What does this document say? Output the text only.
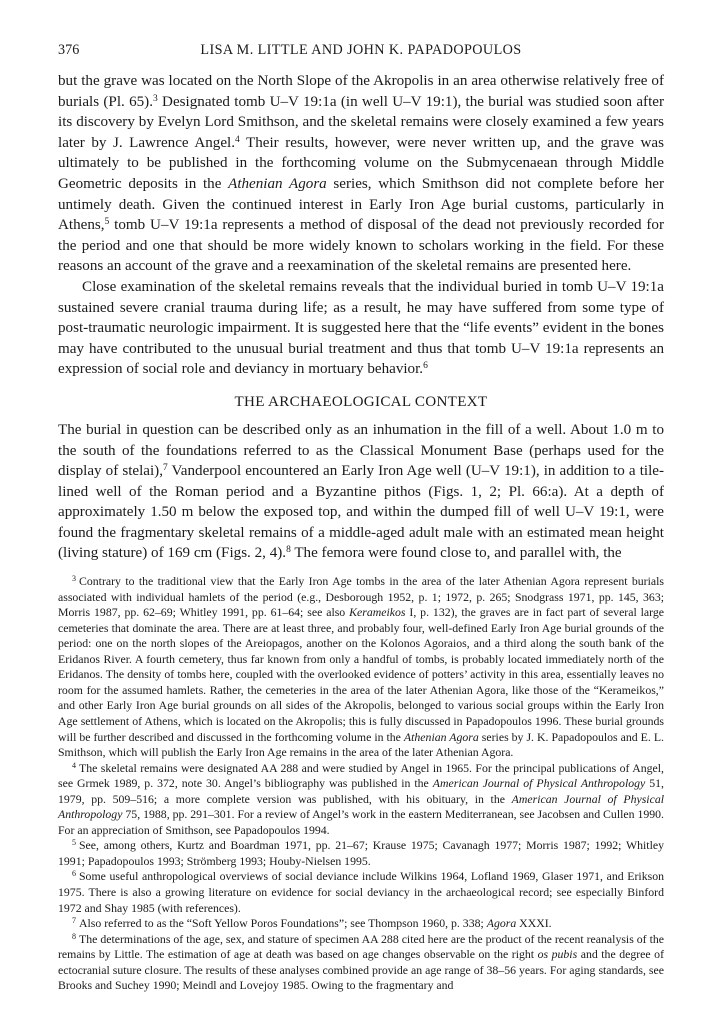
376	LISA M. LITTLE AND JOHN K. PAPADOPOULOS

but the grave was located on the North Slope of the Akropolis in an area otherwise relatively free of burials (Pl. 65).$^3$ Designated tomb U–V 19:1a (in well U–V 19:1), the burial was studied soon after its discovery by Evelyn Lord Smithson, and the skeletal remains were closely examined a few years later by J. Lawrence Angel.$^4$ Their results, however, were never written up, and the grave was ultimately to be published in the forthcoming volume on the Submycenaean through Middle Geometric deposits in the Athenian Agora series, which Smithson did not complete before her untimely death. Given the continued interest in Early Iron Age burial customs, particularly in Athens,$^5$ tomb U–V 19:1a represents a method of disposal of the dead not previously recorded for the period and one that should be more widely known to scholars working in the field. For these reasons an account of the grave and a reexamination of the skeletal remains are presented here.

Close examination of the skeletal remains reveals that the individual buried in tomb U–V 19:1a sustained severe cranial trauma during life; as a result, he may have suffered from some type of post-traumatic neurologic impairment. It is suggested here that the “life events” evident in the bones may have contributed to the unusual burial treatment and thus that tomb U–V 19:1a represents an expression of social role and deviancy in mortuary behavior.$^6$

THE ARCHAEOLOGICAL CONTEXT

The burial in question can be described only as an inhumation in the fill of a well. About 1.0 m to the south of the foundations referred to as the Classical Monument Base (perhaps used for the display of stelai),$^7$ Vanderpool encountered an Early Iron Age well (U–V 19:1), in addition to a tile-lined well of the Roman period and a Byzantine pithos (Figs. 1, 2; Pl. 66:a). At a depth of approximately 1.50 m below the exposed top, and within the dumped fill of well U–V 19:1, were found the fragmentary skeletal remains of a middle-aged adult male with an estimated mean height (living stature) of 169 cm (Figs. 2, 4).$^8$ The femora were found close to, and parallel with, the

$^3$ Contrary to the traditional view that the Early Iron Age tombs in the area of the later Athenian Agora represent burials associated with individual hamlets of the period (e.g., Desborough 1952, p. 1; 1972, p. 265; Snodgrass 1971, pp. 145, 363; Morris 1987, pp. 62–69; Whitley 1991, pp. 61–64; see also Kerameikos I, p. 132), the graves are in fact part of several large cemeteries that dominate the area. There are at least three, and probably four, well-defined Early Iron Age burial grounds of the period: one on the north slopes of the Areiopagos, another on the Kolonos Agoraios, and a third along the south bank of the Eridanos River. A fourth cemetery, thus far known from only a handful of tombs, is probably located immediately north of the Eridanos. The density of tombs here, coupled with the overlooked evidence of potters’ activity in this area, essentially leaves no room for the assumed hamlets. Rather, the cemeteries in the area of the later Athenian Agora, like those of the “Kerameikos,” and other Early Iron Age burial grounds on all sides of the Akropolis, belonged to various social groups within the Early Iron Age settlement of Athens, which is located on the Akropolis; this is fully discussed in Papadopoulos 1996. These burial grounds will be further described and discussed in the forthcoming volume in the Athenian Agora series by J. K. Papadopoulos and E. L. Smithson, which will publish the Early Iron Age remains in the area of the later Athenian Agora.

$^4$ The skeletal remains were designated AA 288 and were studied by Angel in 1965. For the principal publications of Angel, see Grmek 1989, p. 372, note 30. Angel’s bibliography was published in the American Journal of Physical Anthropology 51, 1979, pp. 509–516; a more complete version was published, with his obituary, in the American Journal of Physical Anthropology 75, 1988, pp. 291–301. For a review of Angel’s work in the eastern Mediterranean, see Jacobsen and Cullen 1990. For an appreciation of Smithson, see Papadopoulos 1994.

$^5$ See, among others, Kurtz and Boardman 1971, pp. 21–67; Krause 1975; Cavanagh 1977; Morris 1987; 1992; Whitley 1991; Papadopoulos 1993; Strömberg 1993; Houby-Nielsen 1995.

$^6$ Some useful anthropological overviews of social deviance include Wilkins 1964, Lofland 1969, Glaser 1971, and Erikson 1975. There is also a growing literature on evidence for social deviancy in the archaeological record; see especially Binford 1972 and Shay 1985 (with references).

$^7$ Also referred to as the “Soft Yellow Poros Foundations”; see Thompson 1960, p. 338; Agora XXXI.

$^8$ The determinations of the age, sex, and stature of specimen AA 288 cited here are the product of the recent reanalysis of the remains by Little. The estimation of age at death was based on age changes observable on the right os pubis and the degree of ectocranial suture closure. The results of these analyses combined provide an age range of 38–56 years. For aging standards, see Brooks and Suchey 1990; Meindl and Lovejoy 1985. Owing to the fragmentary and
